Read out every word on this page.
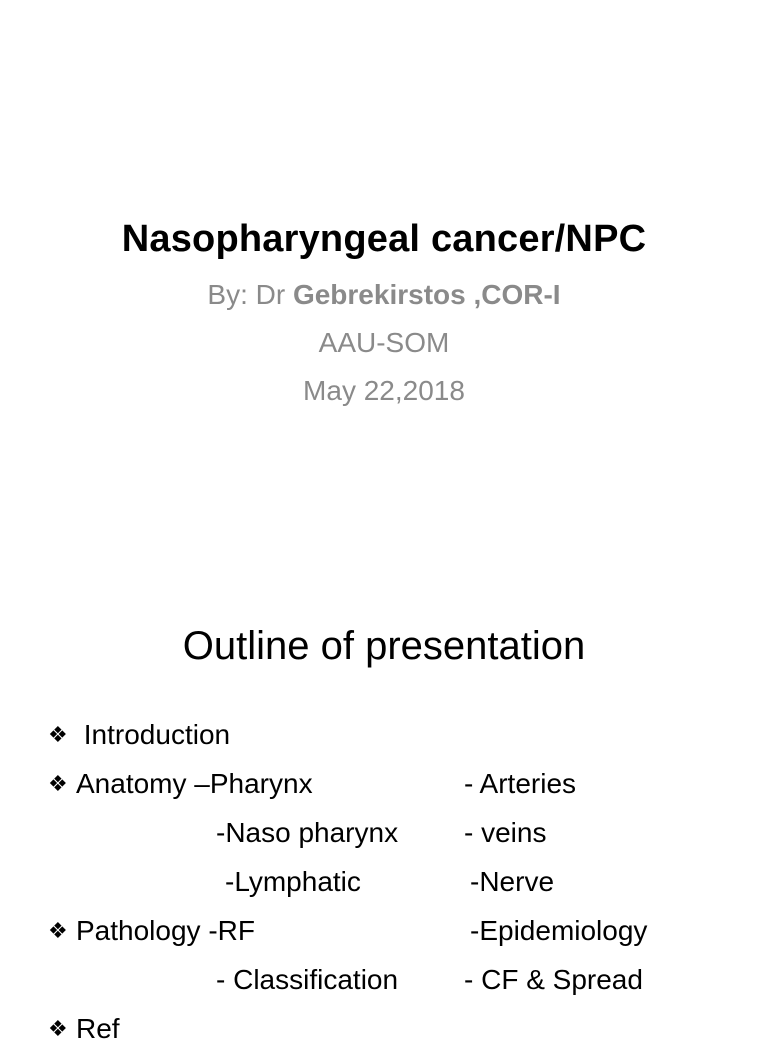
Nasopharyngeal cancer/NPC
By: Dr Gebrekirstos ,COR-I
AAU-SOM
May 22,2018
Outline of presentation
❖ Introduction
❖ Anatomy –Pharynx	- Arteries
-Naso pharynx - veins
-Lymphatic	-Nerve
❖ Pathology -RF	-Epidemiology
- Classification - CF & Spread
❖ Ref
